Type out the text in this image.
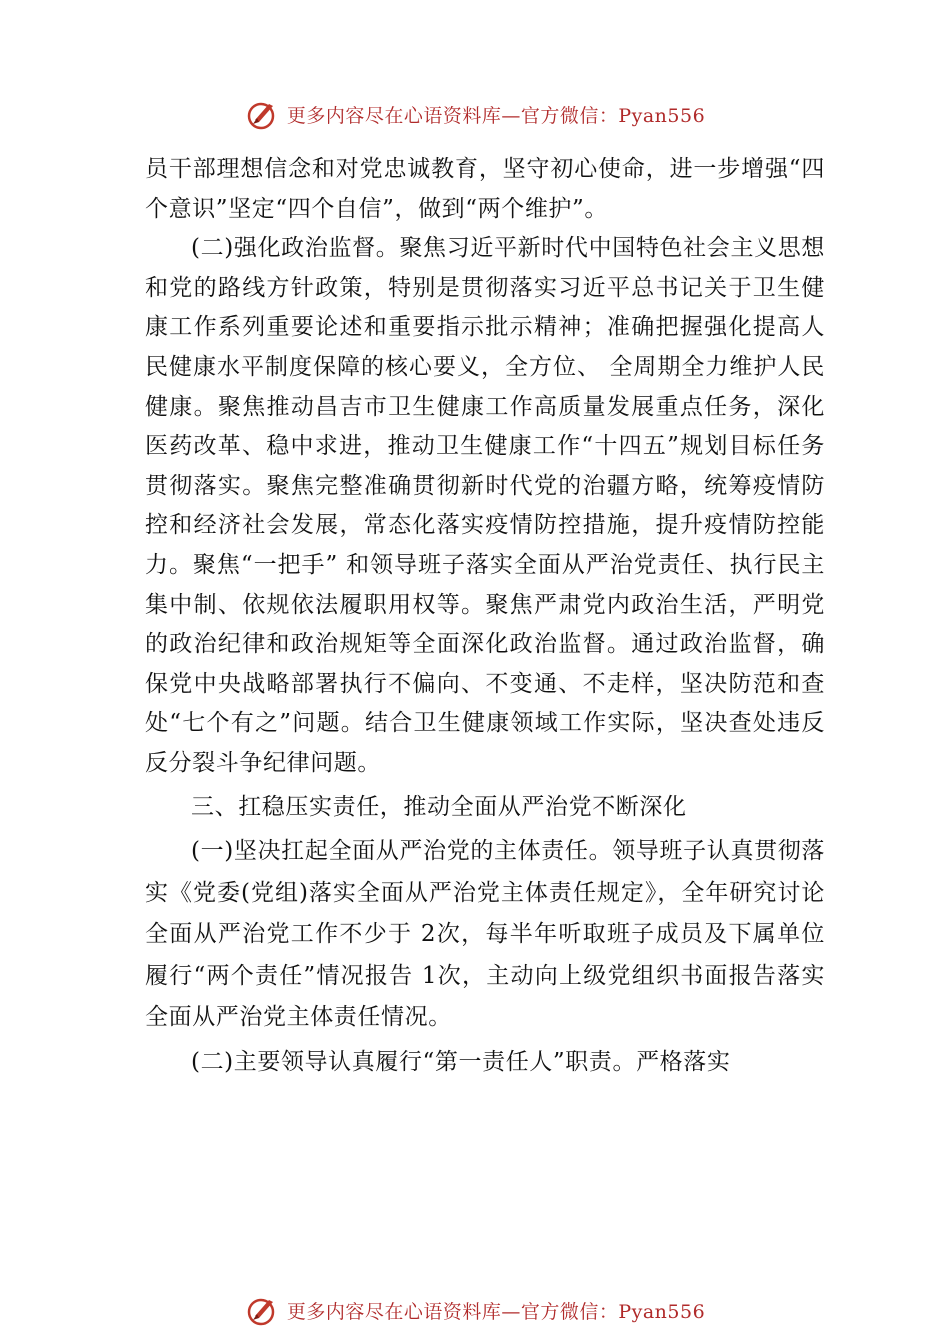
更多内容尽在心语资料库—官方微信：Pyan556

员干部理想信念和对党忠诚教育，坚守初心使命，进一步增强“四个意识”坚定“四个自信”，做到“两个维护”。

(二)强化政治监督。聚焦习近平新时代中国特色社会主义思想和党的路线方针政策，特别是贯彻落实习近平总书记关于卫生健康工作系列重要论述和重要指示批示精神；准确把握强化提高人民健康水平制度保障的核心要义，全方位、 全周期全力维护人民健康。聚焦推动昌吉市卫生健康工作高质量发展重点任务，深化医药改革、稳中求进，推动卫生健康工作“十四五”规划目标任务贯彻落实。聚焦完整准确贯彻新时代党的治疆方略，统筹疫情防控和经济社会发展，常态化落实疫情防控措施，提升疫情防控能力。聚焦“一把手” 和领导班子落实全面从严治党责任、执行民主集中制、依规依法履职用权等。聚焦严肃党内政治生活，严明党的政治纪律和政治规矩等全面深化政治监督。通过政治监督，确保党中央战略部署执行不偏向、不变通、不走样，坚决防范和查处“七个有之”问题。结合卫生健康领域工作实际，坚决查处违反反分裂斗争纪律问题。

三、扛稳压实责任，推动全面从严治党不断深化

(一)坚决扛起全面从严治党的主体责任。领导班子认真贯彻落实《党委(党组)落实全面从严治党主体责任规定》，全年研究讨论全面从严治党工作不少于 2次，每半年听取班子成员及下属单位履行“两个责任”情况报告 1次，主动向上级党组织书面报告落实全面从严治党主体责任情况。

(二)主要领导认真履行“第一责任人”职责。严格落实

更多内容尽在心语资料库—官方微信：Pyan556
